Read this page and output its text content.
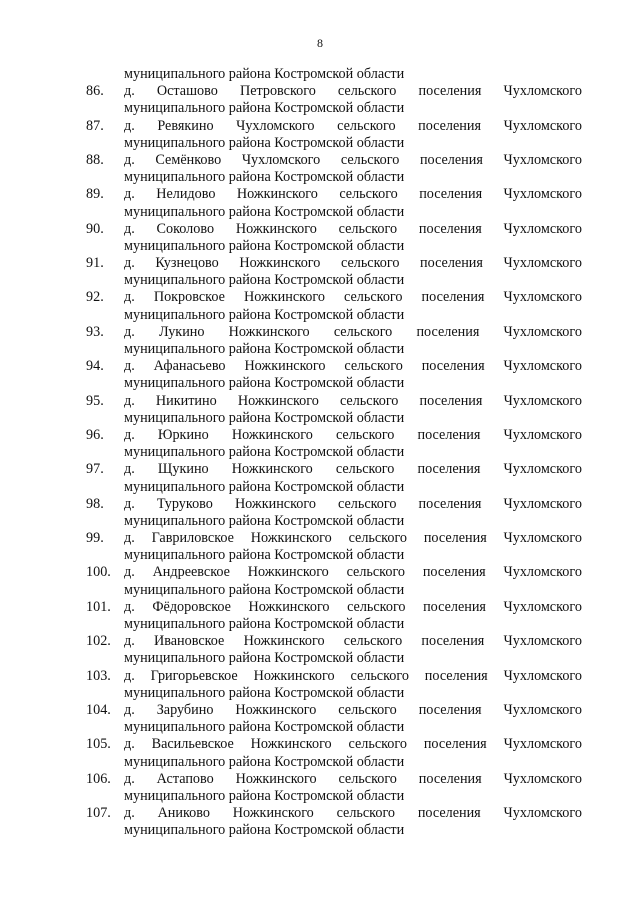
8
муниципального района Костромской области
86.	д. Осташово Петровского сельского поселения Чухломского
муниципального района Костромской области
87.	д. Ревякино Чухломского сельского поселения Чухломского
муниципального района Костромской области
88.	д. Семёнково Чухломского сельского поселения Чухломского
муниципального района Костромской области
89.	д. Нелидово Ножкинского сельского поселения Чухломского
муниципального района Костромской области
90.	д. Соколово Ножкинского сельского поселения Чухломского
муниципального района Костромской области
91.	д. Кузнецово Ножкинского сельского поселения Чухломского
муниципального района Костромской области
92.	д. Покровское Ножкинского сельского поселения Чухломского
муниципального района Костромской области
93.	д. Лукино Ножкинского сельского поселения Чухломского
муниципального района Костромской области
94.	д. Афанасьево Ножкинского сельского поселения Чухломского
муниципального района Костромской области
95.	д. Никитино Ножкинского сельского поселения Чухломского
муниципального района Костромской области
96.	д. Юркино Ножкинского сельского поселения Чухломского
муниципального района Костромской области
97.	д. Щукино Ножкинского сельского поселения Чухломского
муниципального района Костромской области
98.	д. Туруково Ножкинского сельского поселения Чухломского
муниципального района Костромской области
99.	д. Гавриловское Ножкинского сельского поселения Чухломского
муниципального района Костромской области
100. д. Андреевское Ножкинского сельского поселения Чухломского
муниципального района Костромской области
101. д. Фёдоровское Ножкинского сельского поселения Чухломского
муниципального района Костромской области
102. д. Ивановское Ножкинского сельского поселения Чухломского
муниципального района Костромской области
103. д. Григорьевское Ножкинского сельского поселения Чухломского
муниципального района Костромской области
104. д. Зарубино Ножкинского сельского поселения Чухломского
муниципального района Костромской области
105. д. Васильевское Ножкинского сельского поселения Чухломского
муниципального района Костромской области
106. д. Астапово Ножкинского сельского поселения Чухломского
муниципального района Костромской области
107. д. Аниково Ножкинского сельского поселения Чухломского
муниципального района Костромской области
